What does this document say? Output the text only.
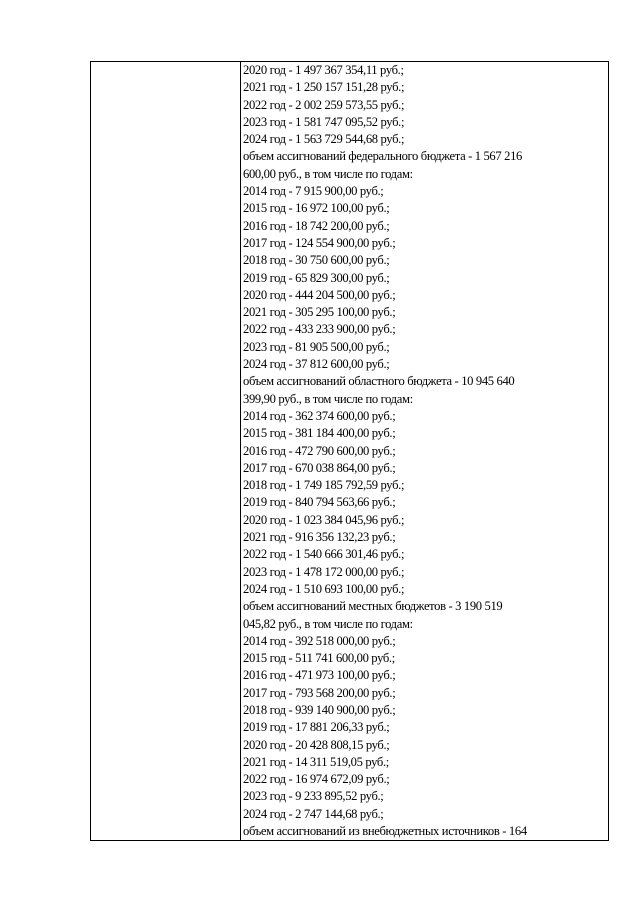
2020 год - 1 497 367 354,11 руб.;
2021 год - 1 250 157 151,28 руб.;
2022 год - 2 002 259 573,55 руб.;
2023 год - 1 581 747 095,52 руб.;
2024 год - 1 563 729 544,68 руб.;
объем ассигнований федерального бюджета - 1 567 216
600,00 руб., в том числе по годам:
2014 год - 7 915 900,00 руб.;
2015 год - 16 972 100,00 руб.;
2016 год - 18 742 200,00 руб.;
2017 год - 124 554 900,00 руб.;
2018 год - 30 750 600,00 руб.;
2019 год - 65 829 300,00 руб.;
2020 год - 444 204 500,00 руб.;
2021 год - 305 295 100,00 руб.;
2022 год - 433 233 900,00 руб.;
2023 год - 81 905 500,00 руб.;
2024 год - 37 812 600,00 руб.;
объем ассигнований областного бюджета - 10 945 640
399,90 руб., в том числе по годам:
2014 год - 362 374 600,00 руб.;
2015 год - 381 184 400,00 руб.;
2016 год - 472 790 600,00 руб.;
2017 год - 670 038 864,00 руб.;
2018 год - 1 749 185 792,59 руб.;
2019 год - 840 794 563,66 руб.;
2020 год - 1 023 384 045,96 руб.;
2021 год - 916 356 132,23 руб.;
2022 год - 1 540 666 301,46 руб.;
2023 год - 1 478 172 000,00 руб.;
2024 год - 1 510 693 100,00 руб.;
объем ассигнований местных бюджетов - 3 190 519
045,82 руб., в том числе по годам:
2014 год - 392 518 000,00 руб.;
2015 год - 511 741 600,00 руб.;
2016 год - 471 973 100,00 руб.;
2017 год - 793 568 200,00 руб.;
2018 год - 939 140 900,00 руб.;
2019 год - 17 881 206,33 руб.;
2020 год - 20 428 808,15 руб.;
2021 год - 14 311 519,05 руб.;
2022 год - 16 974 672,09 руб.;
2023 год - 9 233 895,52 руб.;
2024 год - 2 747 144,68 руб.;
объем ассигнований из внебюджетных источников - 164
